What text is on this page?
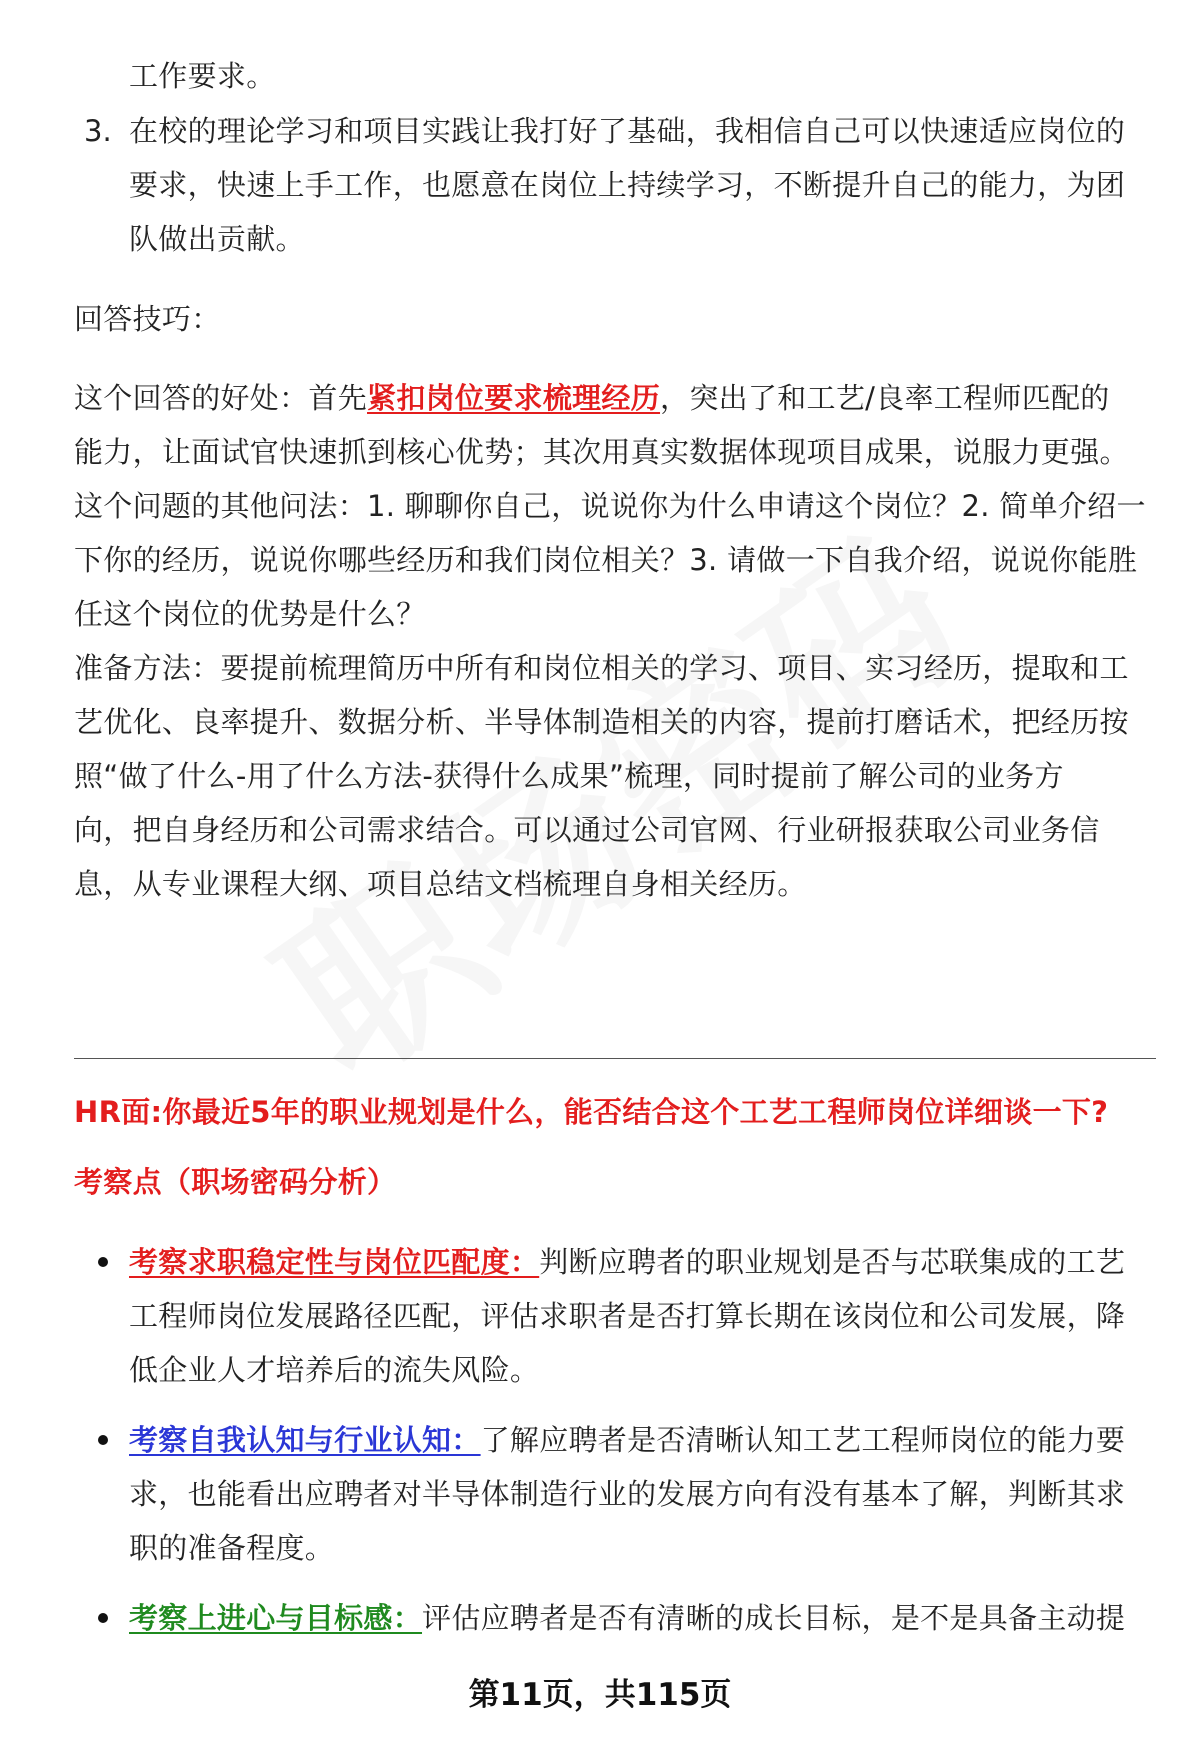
工作要求。
3. 在校的理论学习和项目实践让我打好了基础，我相信自己可以快速适应岗位的
要求，快速上手工作，也愿意在岗位上持续学习，不断提升自己的能力，为团
队做出贡献。
回答技巧：
这个回答的好处：首先紧扣岗位要求梳理经历，突出了和工艺/良率工程师匹配的
能力，让面试官快速抓到核心优势；其次用真实数据体现项目成果，说服力更强。
这个问题的其他问法：1. 聊聊你自己，说说你为什么申请这个岗位？2. 简单介绍一
下你的经历，说说你哪些经历和我们岗位相关？3. 请做一下自我介绍，说说你能胜
任这个岗位的优势是什么？
准备方法：要提前梳理简历中所有和岗位相关的学习、项目、实习经历，提取和工
艺优化、良率提升、数据分析、半导体制造相关的内容，提前打磨话术，把经历按
照“做了什么-用了什么方法-获得什么成果”梳理，同时提前了解公司的业务方
向，把自身经历和公司需求结合。可以通过公司官网、行业研报获取公司业务信
息，从专业课程大纲、项目总结文档梳理自身相关经历。
HR面:你最近5年的职业规划是什么，能否结合这个工艺工程师岗位详细谈一下?
考察点（职场密码分析）
考察求职稳定性与岗位匹配度：判断应聘者的职业规划是否与芯联集成的工艺
工程师岗位发展路径匹配，评估求职者是否打算长期在该岗位和公司发展，降
低企业人才培养后的流失风险。
考察自我认知与行业认知：了解应聘者是否清晰认知工艺工程师岗位的能力要
求，也能看出应聘者对半导体制造行业的发展方向有没有基本了解，判断其求
职的准备程度。
考察上进心与目标感：评估应聘者是否有清晰的成长目标，是不是具备主动提
第11页，共115页
